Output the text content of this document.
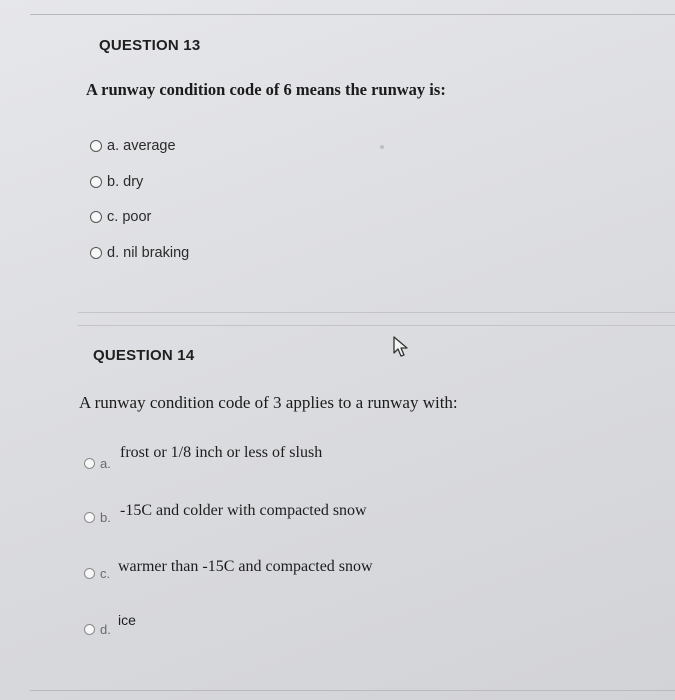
QUESTION 13
A runway condition code of 6 means the runway is:
a.
average
b.
dry
c.
poor
d.
nil braking
QUESTION 14
A runway condition code of 3 applies to a runway with:
a.
frost or 1/8 inch or less of slush
b. -15C and colder with compacted snow
c. warmer than -15C and compacted snow
d.
ice
